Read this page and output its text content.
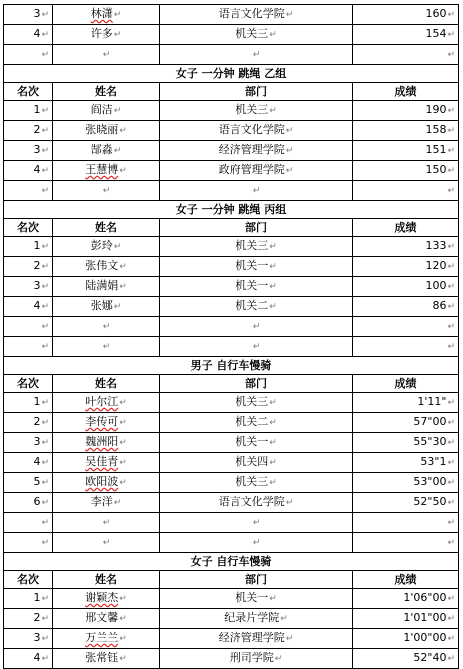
3↵	林潇↵	语言文化学院↵	160↵
4↵	许多↵	机关三↵	154↵
↵	↵	↵	↵
女子 一分钟 跳绳 乙组			
名次	姓名	部门	成绩
1↵	阎洁↵	机关三↵	190↵
2↵	张晓丽↵	语言文化学院↵	158↵
3↵	郜淼↵	经济管理学院↵	151↵
4↵	王慧博↵	政府管理学院↵	150↵
↵	↵	↵	↵
女子 一分钟 跳绳 丙组			
名次	姓名	部门	成绩
1↵	彭玲↵	机关三↵	133↵
2↵	张伟文↵	机关一↵	120↵
3↵	陆满娟↵	机关一↵	100↵
4↵	张娜↵	机关二↵	86↵
↵	↵	↵	↵
↵	↵	↵	↵
男子 自行车慢骑			
名次	姓名	部门	成绩
1↵	叶尔江↵	机关三↵	1'11"↵
2↵	李传可↵	机关二↵	57"00↵
3↵	魏洲阳↵	机关一↵	55"30↵
4↵	吴佳青↵	机关四↵	53"1↵
5↵	欧阳波↵	机关三↵	53"00↵
6↵	李洋↵	语言文化学院↵	52"50↵
↵	↵	↵	↵
↵	↵	↵	↵
女子 自行车慢骑			
名次	姓名	部门	成绩
1↵	谢颖杰↵	机关一↵	1'06"00↵
2↵	邢文馨↵	纪录片学院↵	1'01"00↵
3↵	万兰兰↵	经济管理学院↵	1'00"00↵
4↵	张常钰↵	刑司学院↵	52"40↵
